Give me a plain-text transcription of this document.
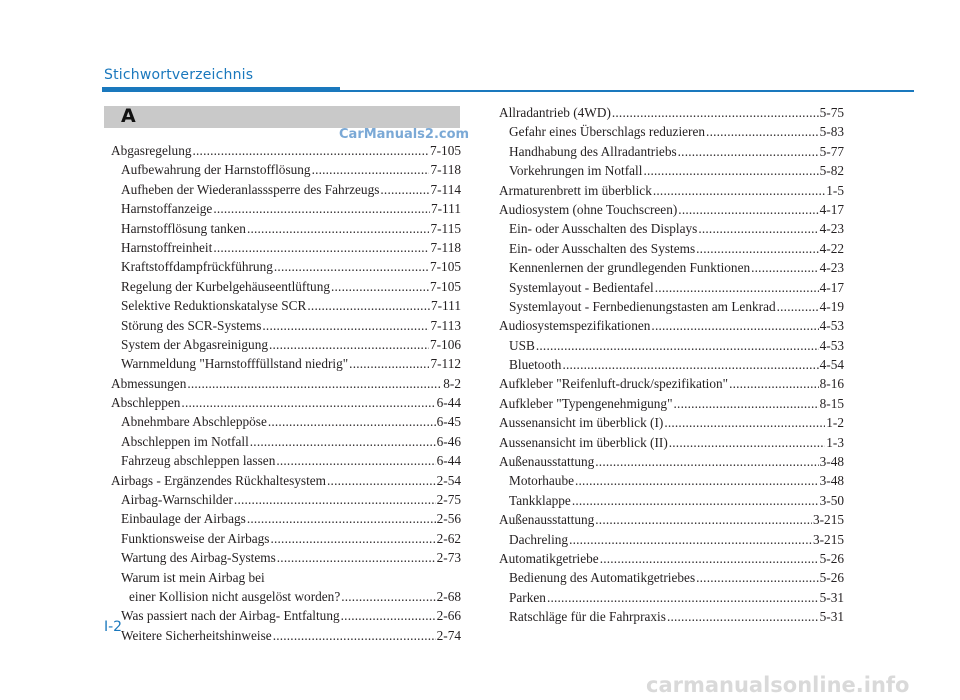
Stichwortverzeichnis
A
CarManuals2.com
Abgasregelung .....	7-105
Aufbewahrung der Harnstofflösung .....	7-118
Aufheben der Wiederanlasssperre des Fahrzeugs .....	7-114
Harnstoffanzeige .....	7-111
Harnstofflösung tanken .....	7-115
Harnstoffreinheit .....	7-118
Kraftstoffdampfrückführung .....	7-105
Regelung der Kurbelgehäuseentlüftung .....	7-105
Selektive Reduktionskatalyse SCR .....	7-111
Störung des SCR-Systems .....	7-113
System der Abgasreinigung .....	7-106
Warnmeldung "Harnstofffüllstand niedrig" .....	7-112
Abmessungen .....	8-2
Abschleppen .....	6-44
Abnehmbare Abschleppöse .....	6-45
Abschleppen im Notfall .....	6-46
Fahrzeug abschleppen lassen .....	6-44
Airbags - Ergänzendes Rückhaltesystem .....	2-54
Airbag-Warnschilder .....	2-75
Einbaulage der Airbags .....	2-56
Funktionsweise der Airbags .....	2-62
Wartung des Airbag-Systems .....	2-73
Warum ist mein Airbag bei
einer Kollision nicht ausgelöst worden? .....	2-68
Was passiert nach der Airbag- Entfaltung .....	2-66
Weitere Sicherheitshinweise .....	2-74
Allradantrieb (4WD) .....	5-75
Gefahr eines Überschlags reduzieren .....	5-83
Handhabung des Allradantriebs .....	5-77
Vorkehrungen im Notfall .....	5-82
Armaturenbrett im überblick .....	1-5
Audiosystem (ohne Touchscreen) .....	4-17
Ein- oder Ausschalten des Displays .....	4-23
Ein- oder Ausschalten des Systems .....	4-22
Kennenlernen der grundlegenden Funktionen .....	4-23
Systemlayout - Bedientafel .....	4-17
Systemlayout - Fernbedienungstasten am Lenkrad .....	4-19
Audiosystemspezifikationen .....	4-53
USB .....	4-53
Bluetooth .....	4-54
Aufkleber "Reifenluft-druck/spezifikation" .....	8-16
Aufkleber "Typengenehmigung" .....	8-15
Aussenansicht im überblick (I) .....	1-2
Aussenansicht im überblick (II) .....	1-3
Außenausstattung .....	3-48
Motorhaube .....	3-48
Tankklappe .....	3-50
Außenausstattung .....	3-215
Dachreling .....	3-215
Automatikgetriebe .....	5-26
Bedienung des Automatikgetriebes .....	5-26
Parken .....	5-31
Ratschläge für die Fahrpraxis .....	5-31
I-2
carmanualsonline.info
